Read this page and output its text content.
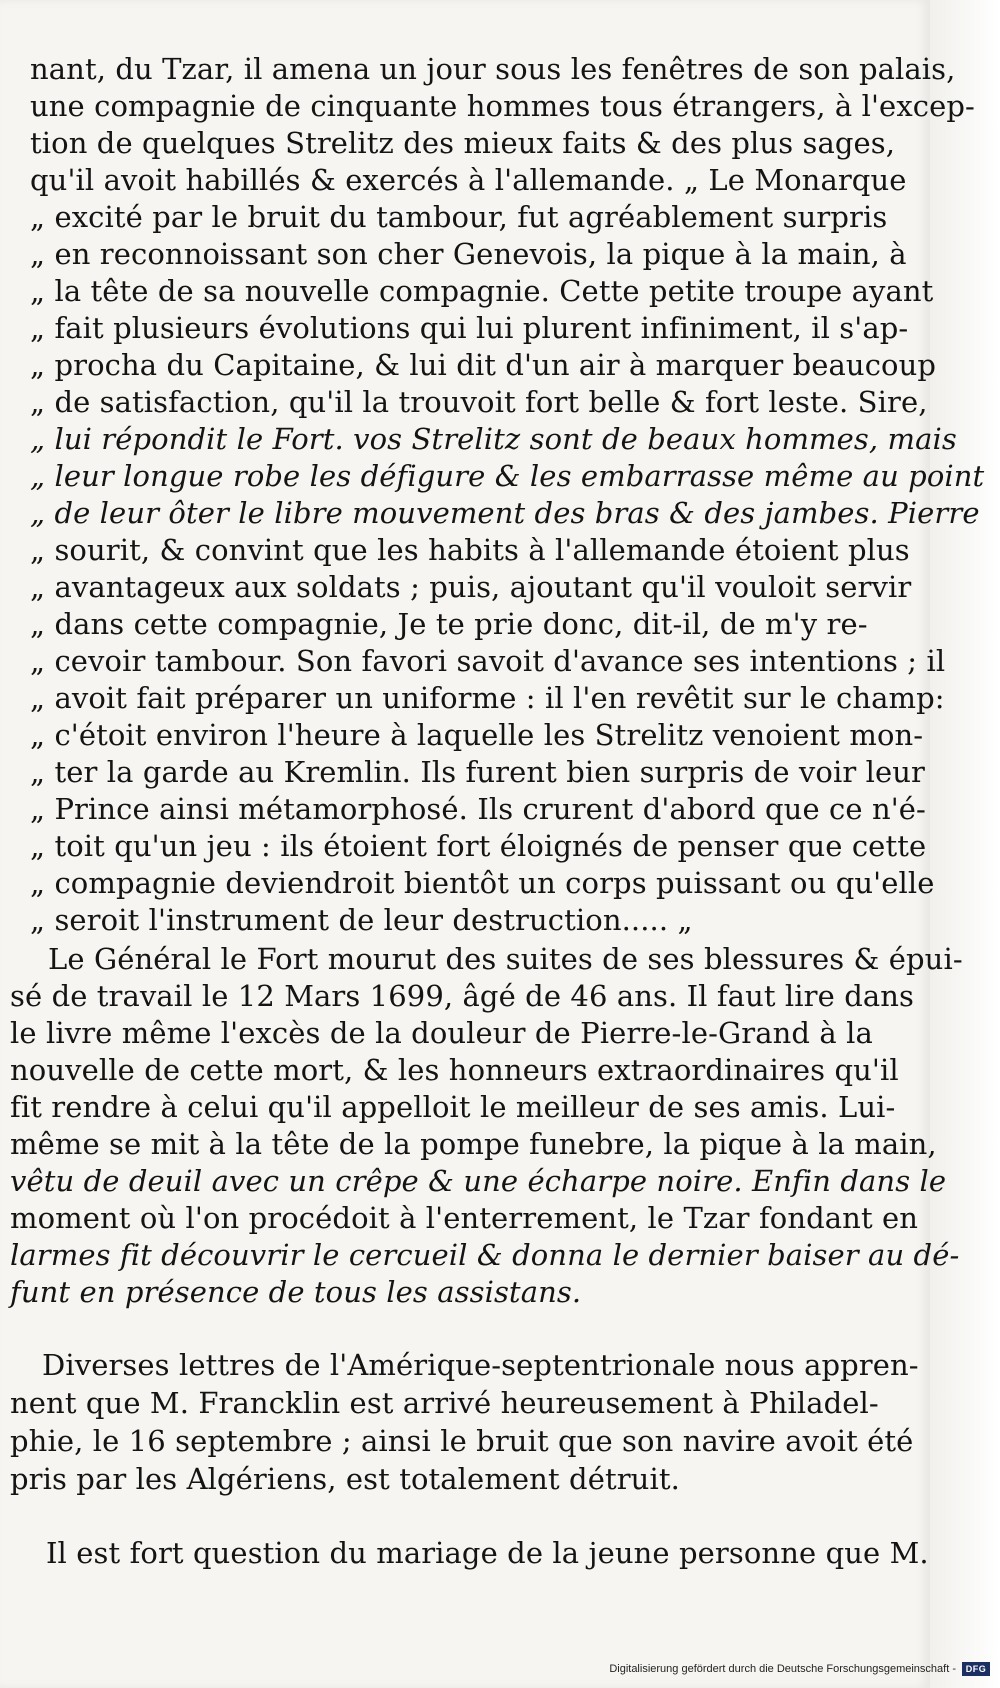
nant, du Tzar, il amena un jour sous les fenêtres de son palais,
une compagnie de cinquante hommes tous étrangers, à l'excep-
tion de quelques Strelitz des mieux faits & des plus sages,
qu'il avoit habillés & exercés à l'allemande. „ Le Monarque
„ excité par le bruit du tambour, fut agréablement surpris
„ en reconnoissant son cher Genevois, la pique à la main, à
„ la tête de sa nouvelle compagnie. Cette petite troupe ayant
„ fait plusieurs évolutions qui lui plurent infiniment, il s'ap-
„ procha du Capitaine, & lui dit d'un air à marquer beaucoup
„ de satisfaction, qu'il la trouvoit fort belle & fort leste. Sire,
„ lui répondit le Fort. vos Strelitz sont de beaux hommes, mais
„ leur longue robe les défigure & les embarrasse même au point
„ de leur ôter le libre mouvement des bras & des jambes. Pierre
„ sourit, & convint que les habits à l'allemande étoient plus
„ avantageux aux soldats ; puis, ajoutant qu'il vouloit servir
„ dans cette compagnie, Je te prie donc, dit-il, de m'y re-
„ cevoir tambour. Son favori savoit d'avance ses intentions ; il
„ avoit fait préparer un uniforme : il l'en revêtit sur le champ:
„ c'étoit environ l'heure à laquelle les Strelitz venoient mon-
„ ter la garde au Kremlin. Ils furent bien surpris de voir leur
„ Prince ainsi métamorphosé. Ils crurent d'abord que ce n'é-
„ toit qu'un jeu : ils étoient fort éloignés de penser que cette
„ compagnie deviendroit bientôt un corps puissant ou qu'elle
„ seroit l'instrument de leur destruction..... „
Le Général le Fort mourut des suites de ses blessures & épui-
sé de travail le 12 Mars 1699, âgé de 46 ans. Il faut lire dans
le livre même l'excès de la douleur de Pierre-le-Grand à la
nouvelle de cette mort, & les honneurs extraordinaires qu'il
fit rendre à celui qu'il appelloit le meilleur de ses amis. Lui-
même se mit à la tête de la pompe funebre, la pique à la main,
vêtu de deuil avec un crêpe & une écharpe noire. Enfin dans le
moment où l'on procédoit à l'enterrement, le Tzar fondant en
larmes fit découvrir le cercueil & donna le dernier baiser au dé-
funt en présence de tous les assistans.
Diverses lettres de l'Amérique-septentrionale nous appren-
nent que M. Francklin est arrivé heureusement à Philadel-
phie, le 16 septembre ; ainsi le bruit que son navire avoit été
pris par les Algériens, est totalement détruit.
Il est fort question du mariage de la jeune personne que M.
Digitalisierung gefördert durch die Deutsche Forschungsgemeinschaft -	DFG
